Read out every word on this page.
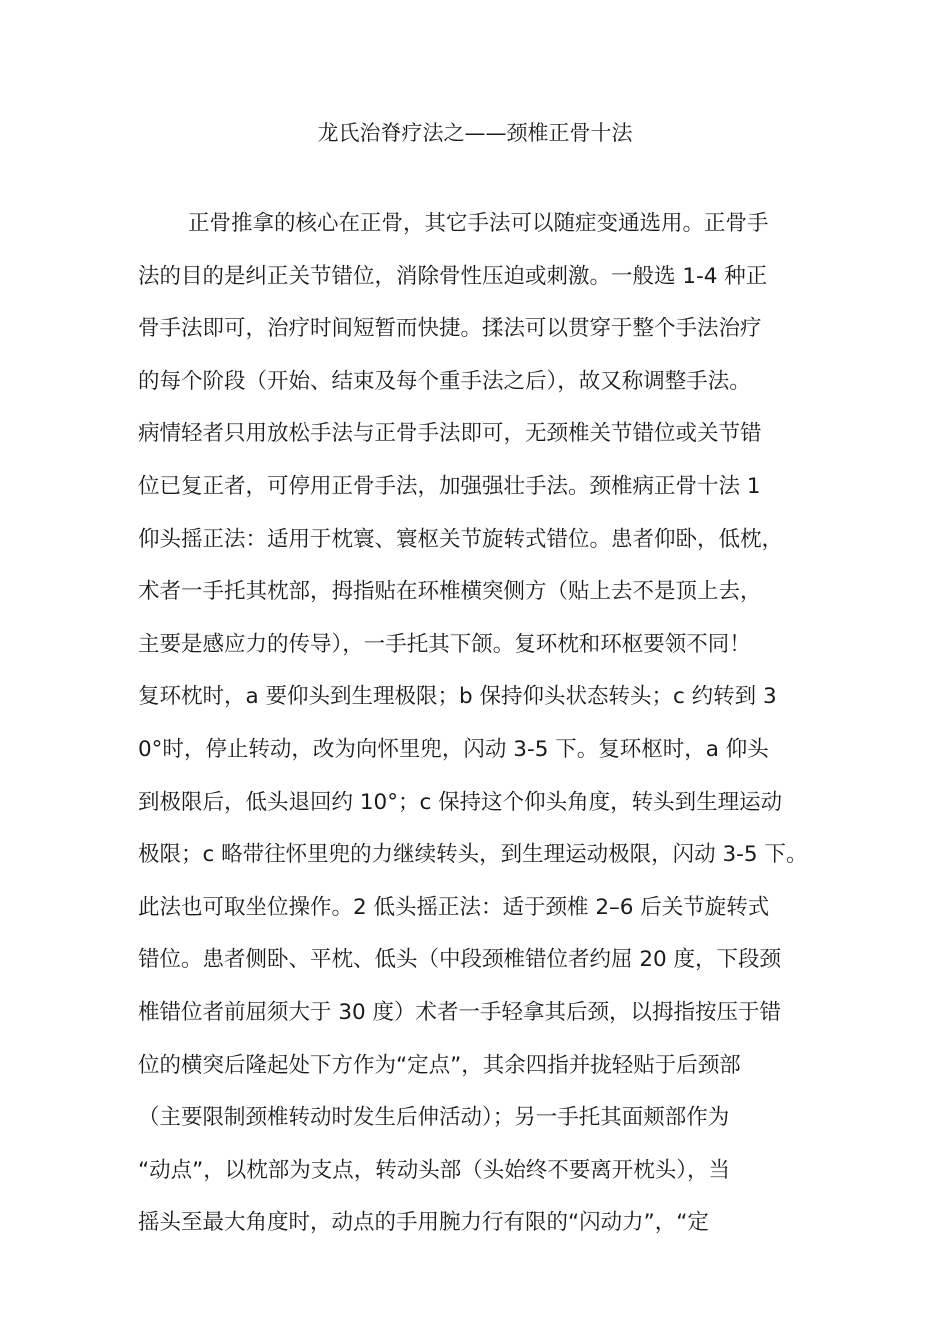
龙氏治脊疗法之——颈椎正骨十法
正骨推拿的核心在正骨，其它手法可以随症变通选用。正骨手
法的目的是纠正关节错位，消除骨性压迫或刺激。一般选 1-4 种正
骨手法即可，治疗时间短暂而快捷。揉法可以贯穿于整个手法治疗
的每个阶段（开始、结束及每个重手法之后），故又称调整手法。
病情轻者只用放松手法与正骨手法即可，无颈椎关节错位或关节错
位已复正者，可停用正骨手法，加强强壮手法。颈椎病正骨十法 1
仰头摇正法：适用于枕寰、寰枢关节旋转式错位。患者仰卧，低枕，
术者一手托其枕部，拇指贴在环椎横突侧方（贴上去不是顶上去，
主要是感应力的传导），一手托其下颌。复环枕和环枢要领不同！
复环枕时，a 要仰头到生理极限；b 保持仰头状态转头；c 约转到 3
0°时，停止转动，改为向怀里兜，闪动 3-5 下。复环枢时，a 仰头
到极限后，低头退回约 10°；c 保持这个仰头角度，转头到生理运动
极限；c 略带往怀里兜的力继续转头，到生理运动极限，闪动 3-5 下。
此法也可取坐位操作。2 低头摇正法：适于颈椎 2–6 后关节旋转式
错位。患者侧卧、平枕、低头（中段颈椎错位者约屈 20 度，下段颈
椎错位者前屈须大于 30 度）术者一手轻拿其后颈，以拇指按压于错
位的横突后隆起处下方作为“定点”，其余四指并拢轻贴于后颈部
（主要限制颈椎转动时发生后伸活动）；另一手托其面颊部作为
“动点”，以枕部为支点，转动头部（头始终不要离开枕头），当
摇头至最大角度时，动点的手用腕力行有限的“闪动力”，“定
